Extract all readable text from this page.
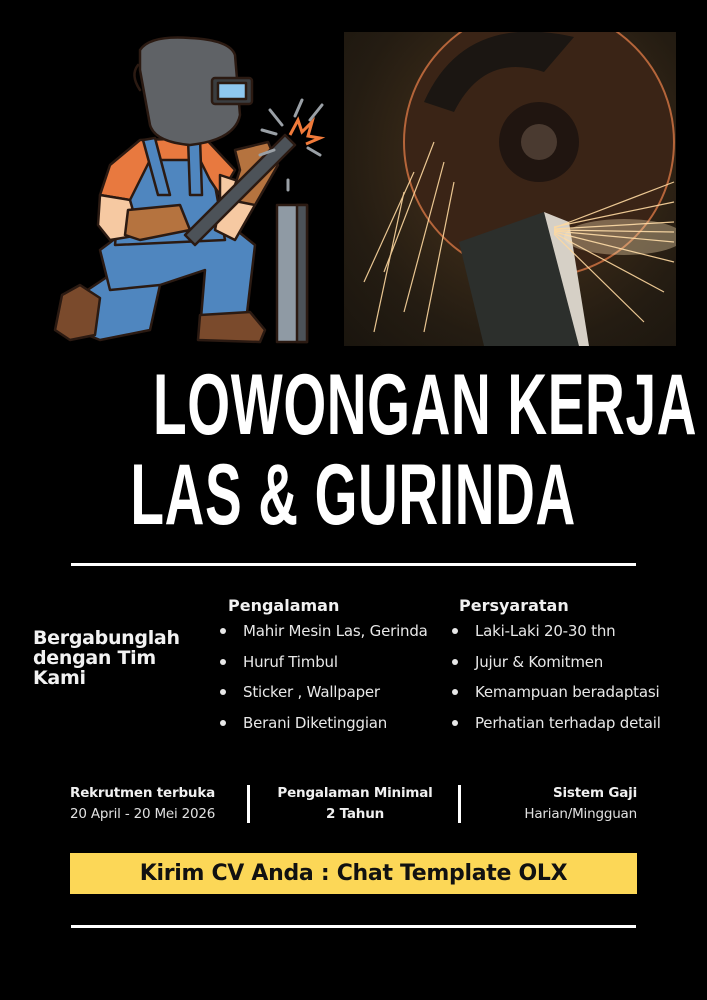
LOWONGAN KERJA
LAS & GURINDA
Bergabunglah dengan Tim Kami
Pengalaman
Mahir Mesin Las, Gerinda
Huruf Timbul
Sticker , Wallpaper
Berani Diketinggian
Persyaratan
Laki-Laki 20-30 thn
Jujur & Komitmen
Kemampuan beradaptasi
Perhatian terhadap detail
Rekrutmen terbuka
20 April - 20 Mei 2026
Pengalaman Minimal
2 Tahun
Sistem Gaji
Harian/Mingguan
Kirim CV Anda : Chat Template OLX
